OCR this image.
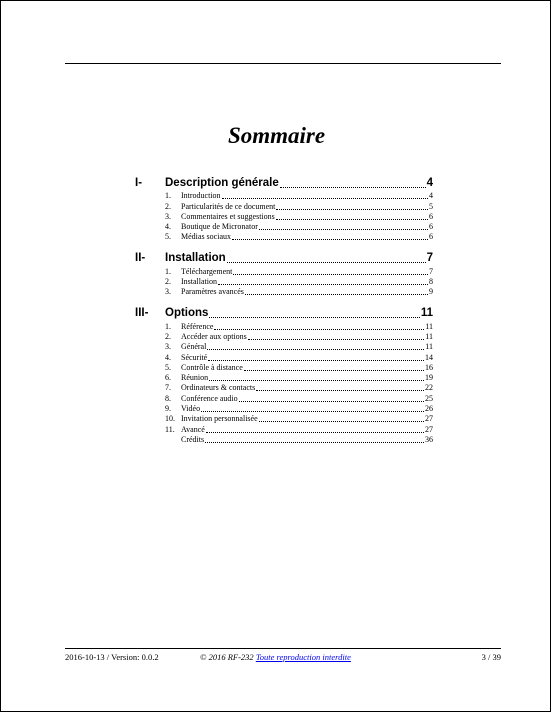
Sommaire
I-	Description générale	4
1.	Introduction	4
2.	Particularités de ce document	5
3.	Commentaires et suggestions	6
4.	Boutique de Micronator	6
5.	Médias sociaux	6
II-	Installation	7
1.	Téléchargement	7
2.	Installation	8
3.	Paramètres avancés	9
III-	Options	11
1.	Référence	11
2.	Accéder aux options	11
3.	Général	11
4.	Sécurité	14
5.	Contrôle à distance	16
6.	Réunion	19
7.	Ordinateurs & contacts	22
8.	Conférence audio	25
9.	Vidéo	26
10. Invitation personnalisée	27
11. Avancé	27
Crédits	36
2016-10-13 / Version: 0.0.2	© 2016 RF-232 Toute reproduction interdite	3 / 39
